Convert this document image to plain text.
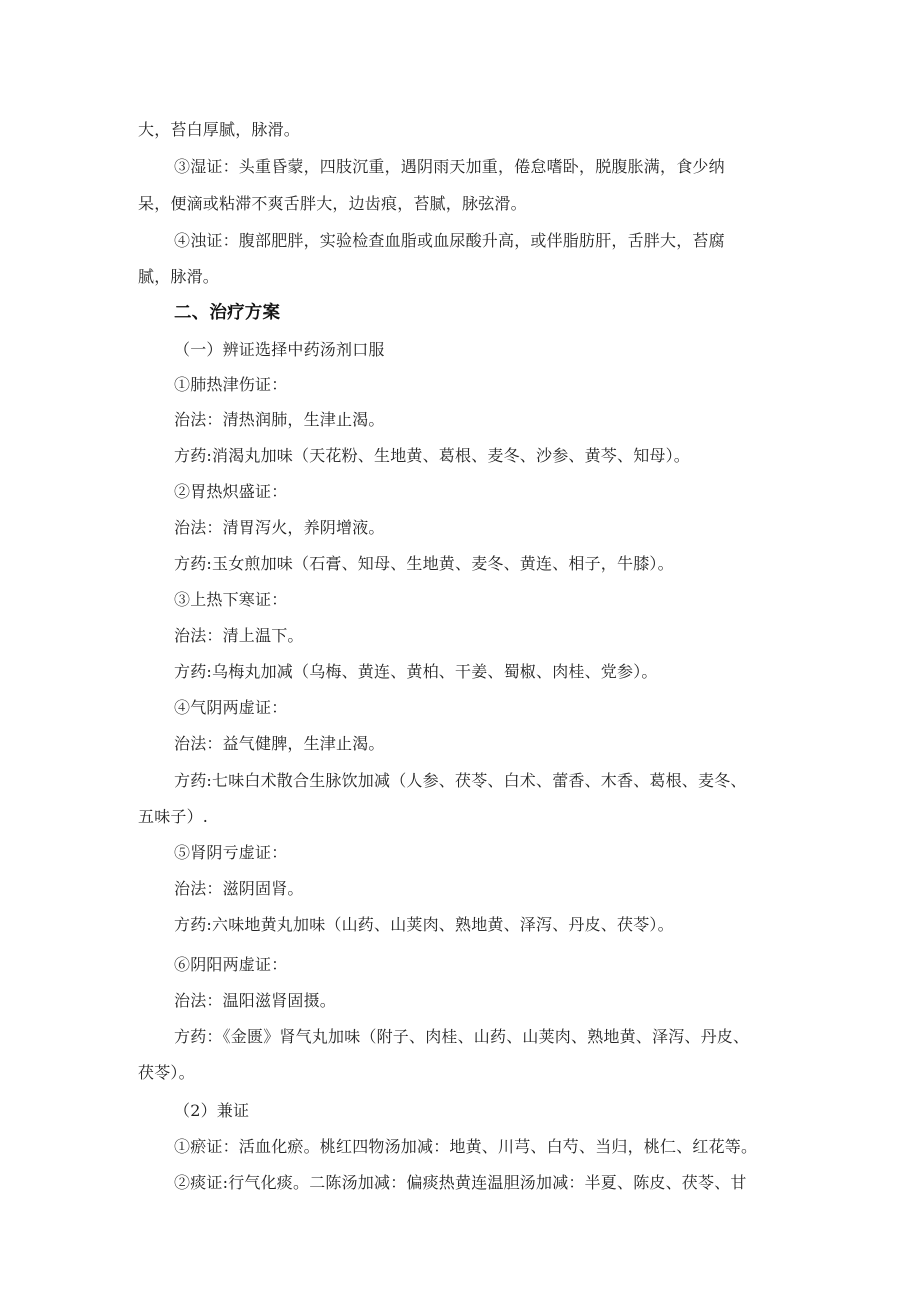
大，苔白厚腻，脉滑。
③湿证：头重昏蒙，四肢沉重，遇阴雨天加重，倦怠嗜卧，脱腹胀满，食少纳
呆，便滴或粘滞不爽舌胖大，边齿痕，苔腻，脉弦滑。
④浊证：腹部肥胖，实验检查血脂或血尿酸升高，或伴脂肪肝，舌胖大，苔腐
腻，脉滑。
二、治疗方案
（一）辨证选择中药汤剂口服
①肺热津伤证：
治法：清热润肺，生津止渴。
方药:消渴丸加味（天花粉、生地黄、葛根、麦冬、沙参、黄芩、知母）。
②胃热炽盛证：
治法：清胃泻火，养阴增液。
方药:玉女煎加味（石膏、知母、生地黄、麦冬、黄连、相子，牛膝）。
③上热下寒证：
治法：清上温下。
方药:乌梅丸加减（乌梅、黄连、黄柏、干姜、蜀椒、肉桂、党参）。
④气阴两虚证：
治法：益气健脾，生津止渴。
方药:七味白术散合生脉饮加减（人参、茯苓、白术、蕾香、木香、葛根、麦冬、
五味子）.
⑤肾阴亏虚证：
治法：滋阴固肾。
方药:六味地黄丸加味（山药、山荚肉、熟地黄、泽泻、丹皮、茯苓）。
⑥阴阳两虚证：
治法：温阳滋肾固摄。
方药：《金匮》肾气丸加味（附子、肉桂、山药、山荚肉、熟地黄、泽泻、丹皮、
茯苓）。
（2）兼证
①瘀证：活血化瘀。桃红四物汤加减：地黄、川芎、白芍、当归，桃仁、红花等。
②痰证:行气化痰。二陈汤加减：偏痰热黄连温胆汤加减：半夏、陈皮、茯苓、甘
